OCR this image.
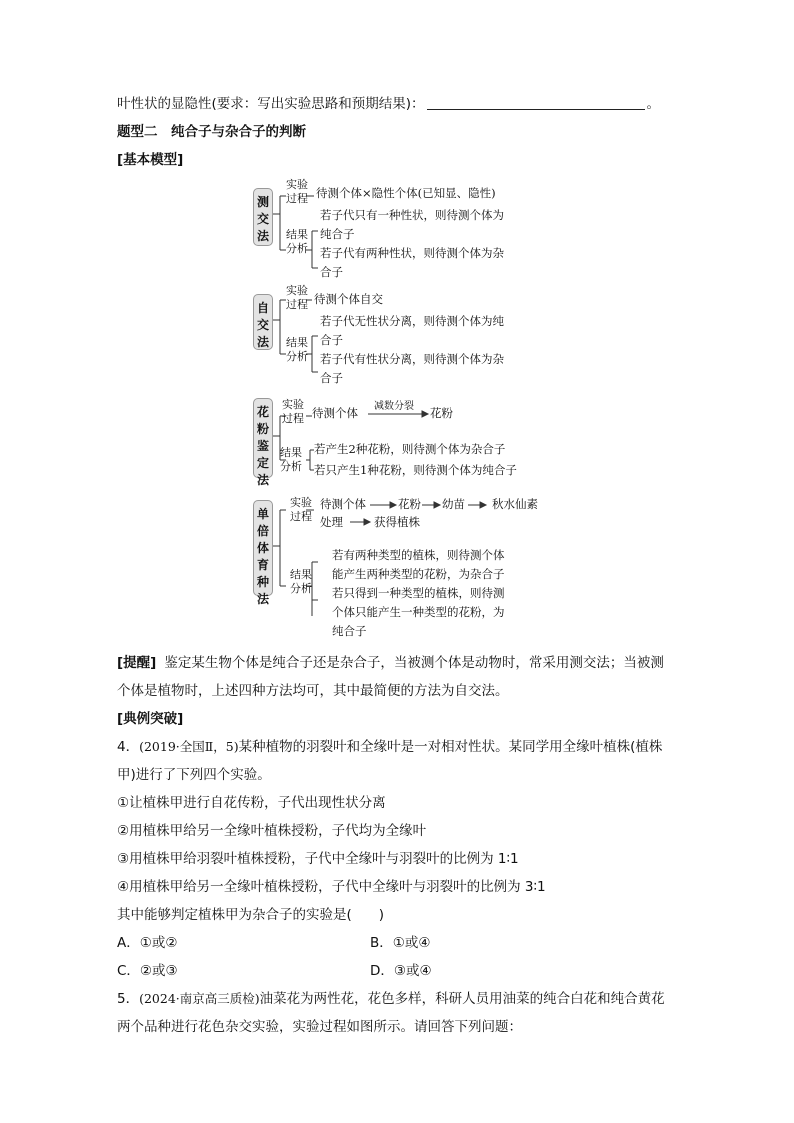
叶性状的显隐性(要求：写出实验思路和预期结果)：	。
题型二　纯合子与杂合子的判断
[基本模型]
测交法
实验
过程 待测个体×隐性个体(已知显、隐性)
结果
分析
若子代只有一种性状，则待测个体为
纯合子
若子代有两种性状，则待测个体为杂
合子
自交法
实验
过程 待测个体自交
结果
分析
若子代无性状分离，则待测个体为纯
合子
若子代有性状分离，则待测个体为杂
合子
花粉鉴定法
实验
过程 待测个体 减数分裂 花粉
结果
分析
若产生2种花粉，则待测个体为杂合子
若只产生1种花粉，则待测个体为纯合子
单倍体育种法
实验
过程
待测个体	花粉 幼苗 秋水仙素
处理	获得植株
结果
分析
若有两种类型的植株，则待测个体
能产生两种类型的花粉，为杂合子
若只得到一种类型的植株，则待测
个体只能产生一种类型的花粉，为
纯合子
[提醒] 鉴定某生物个体是纯合子还是杂合子，当被测个体是动物时，常采用测交法；当被测
个体是植物时，上述四种方法均可，其中最简便的方法为自交法。
[典例突破]
4．(2019·全国Ⅱ，5)某种植物的羽裂叶和全缘叶是一对相对性状。某同学用全缘叶植株(植株
甲)进行了下列四个实验。
①让植株甲进行自花传粉，子代出现性状分离
②用植株甲给另一全缘叶植株授粉，子代均为全缘叶
③用植株甲给羽裂叶植株授粉，子代中全缘叶与羽裂叶的比例为 1∶1
④用植株甲给另一全缘叶植株授粉，子代中全缘叶与羽裂叶的比例为 3∶1
其中能够判定植株甲为杂合子的实验是(　　)
A．①或②	B．①或④
C．②或③	D．③或④
5．(2024·南京高三质检)油菜花为两性花，花色多样，科研人员用油菜的纯合白花和纯合黄花
两个品种进行花色杂交实验，实验过程如图所示。请回答下列问题：
